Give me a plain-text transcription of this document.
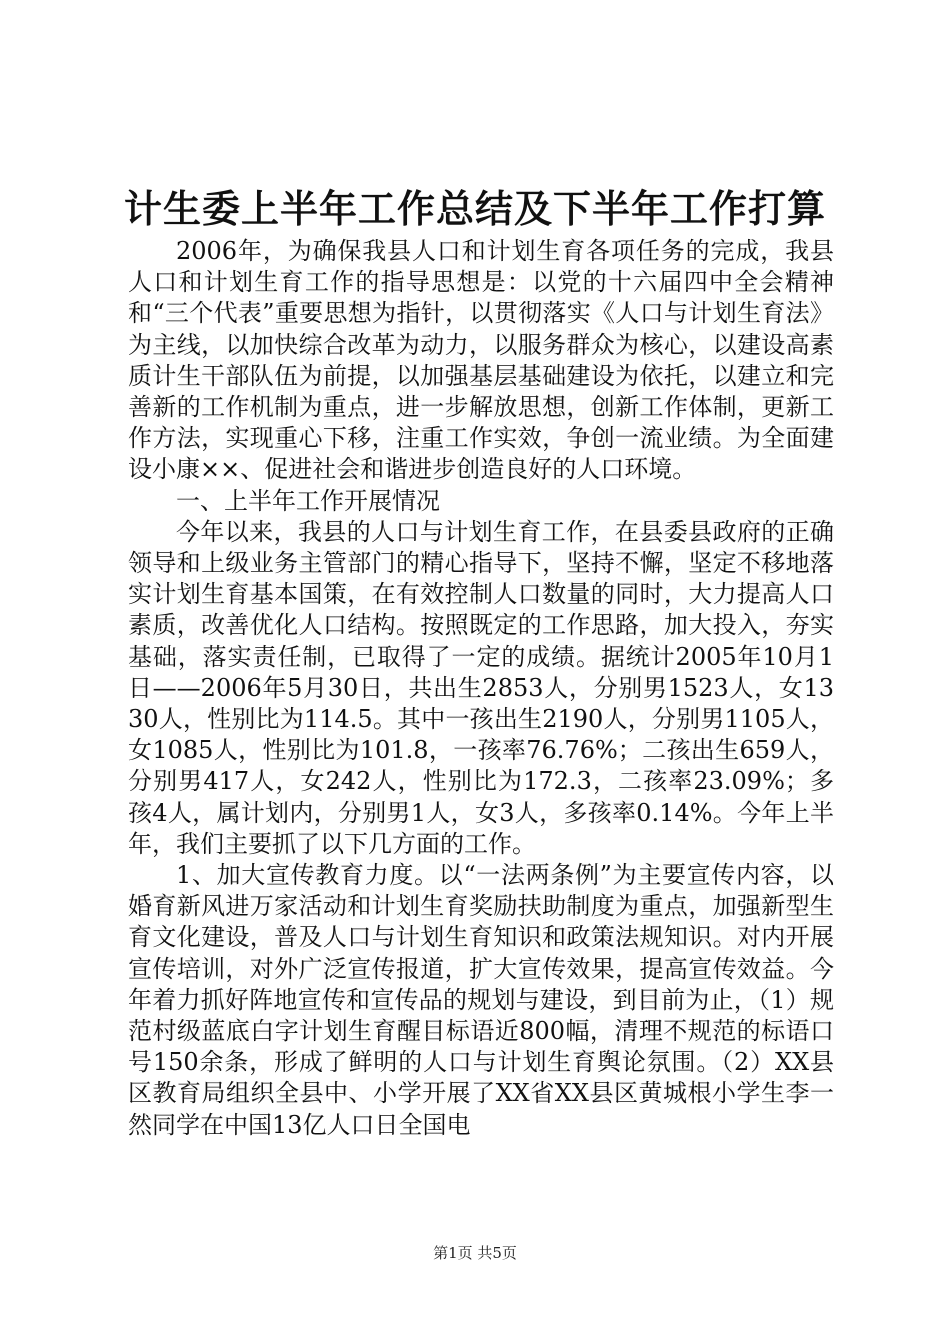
计生委上半年工作总结及下半年工作打算

2006年，为确保我县人口和计划生育各项任务的完成，我县人口和计划生育工作的指导思想是：以党的十六届四中全会精神和“三个代表”重要思想为指针，以贯彻落实《人口与计划生育法》为主线，以加快综合改革为动力，以服务群众为核心，以建设高素质计生干部队伍为前提，以加强基层基础建设为依托，以建立和完善新的工作机制为重点，进一步解放思想，创新工作体制，更新工作方法，实现重心下移，注重工作实效，争创一流业绩。为全面建设小康××、促进社会和谐进步创造良好的人口环境。

一、上半年工作开展情况

今年以来，我县的人口与计划生育工作，在县委县政府的正确领导和上级业务主管部门的精心指导下，坚持不懈，坚定不移地落实计划生育基本国策，在有效控制人口数量的同时，大力提高人口素质，改善优化人口结构。按照既定的工作思路，加大投入，夯实基础，落实责任制，已取得了一定的成绩。据统计2005年10月1日——2006年5月30日，共出生2853人，分别男1523人，女1330人，性别比为114.5。其中一孩出生2190人，分别男1105人，女1085人，性别比为101.8，一孩率76.76%；二孩出生659人，分别男417人，女242人，性别比为172.3，二孩率23.09%；多孩4人，属计划内，分别男1人，女3人，多孩率0.14%。今年上半年，我们主要抓了以下几方面的工作。

1、加大宣传教育力度。以“一法两条例”为主要宣传内容，以婚育新风进万家活动和计划生育奖励扶助制度为重点，加强新型生育文化建设，普及人口与计划生育知识和政策法规知识。对内开展宣传培训，对外广泛宣传报道，扩大宣传效果，提高宣传效益。今年着力抓好阵地宣传和宣传品的规划与建设，到目前为止，（1）规范村级蓝底白字计划生育醒目标语近800幅，清理不规范的标语口号150余条，形成了鲜明的人口与计划生育舆论氛围。（2）XX县区教育局组织全县中、小学开展了XX省XX县区黄城根小学生李一然同学在中国13亿人口日全国电

第1页 共5页
